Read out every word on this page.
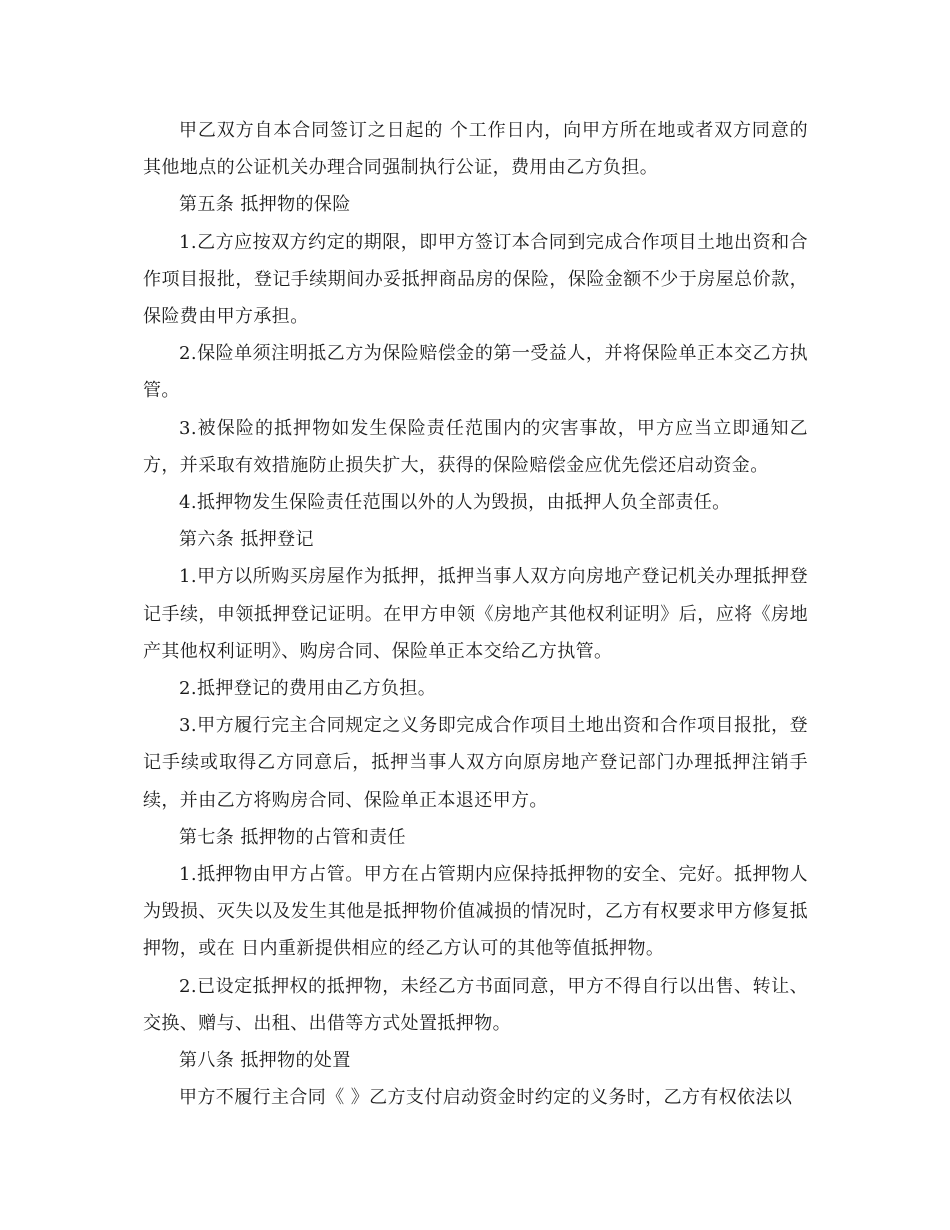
甲乙双方自本合同签订之日起的 个工作日内，向甲方所在地或者双方同意的其他地点的公证机关办理合同强制执行公证，费用由乙方负担。

第五条 抵押物的保险

1.乙方应按双方约定的期限，即甲方签订本合同到完成合作项目土地出资和合作项目报批，登记手续期间办妥抵押商品房的保险，保险金额不少于房屋总价款，保险费由甲方承担。

2.保险单须注明抵乙方为保险赔偿金的第一受益人，并将保险单正本交乙方执管。

3.被保险的抵押物如发生保险责任范围内的灾害事故，甲方应当立即通知乙方，并采取有效措施防止损失扩大，获得的保险赔偿金应优先偿还启动资金。

4.抵押物发生保险责任范围以外的人为毁损，由抵押人负全部责任。

第六条 抵押登记

1.甲方以所购买房屋作为抵押，抵押当事人双方向房地产登记机关办理抵押登记手续，申领抵押登记证明。在甲方申领《房地产其他权利证明》后，应将《房地产其他权利证明》、购房合同、保险单正本交给乙方执管。

2.抵押登记的费用由乙方负担。

3.甲方履行完主合同规定之义务即完成合作项目土地出资和合作项目报批，登记手续或取得乙方同意后，抵押当事人双方向原房地产登记部门办理抵押注销手续，并由乙方将购房合同、保险单正本退还甲方。

第七条 抵押物的占管和责任

1.抵押物由甲方占管。甲方在占管期内应保持抵押物的安全、完好。抵押物人为毁损、灭失以及发生其他是抵押物价值减损的情况时，乙方有权要求甲方修复抵押物，或在 日内重新提供相应的经乙方认可的其他等值抵押物。

2.已设定抵押权的抵押物，未经乙方书面同意，甲方不得自行以出售、转让、交换、赠与、出租、出借等方式处置抵押物。

第八条 抵押物的处置

甲方不履行主合同《 》乙方支付启动资金时约定的义务时，乙方有权依法以
